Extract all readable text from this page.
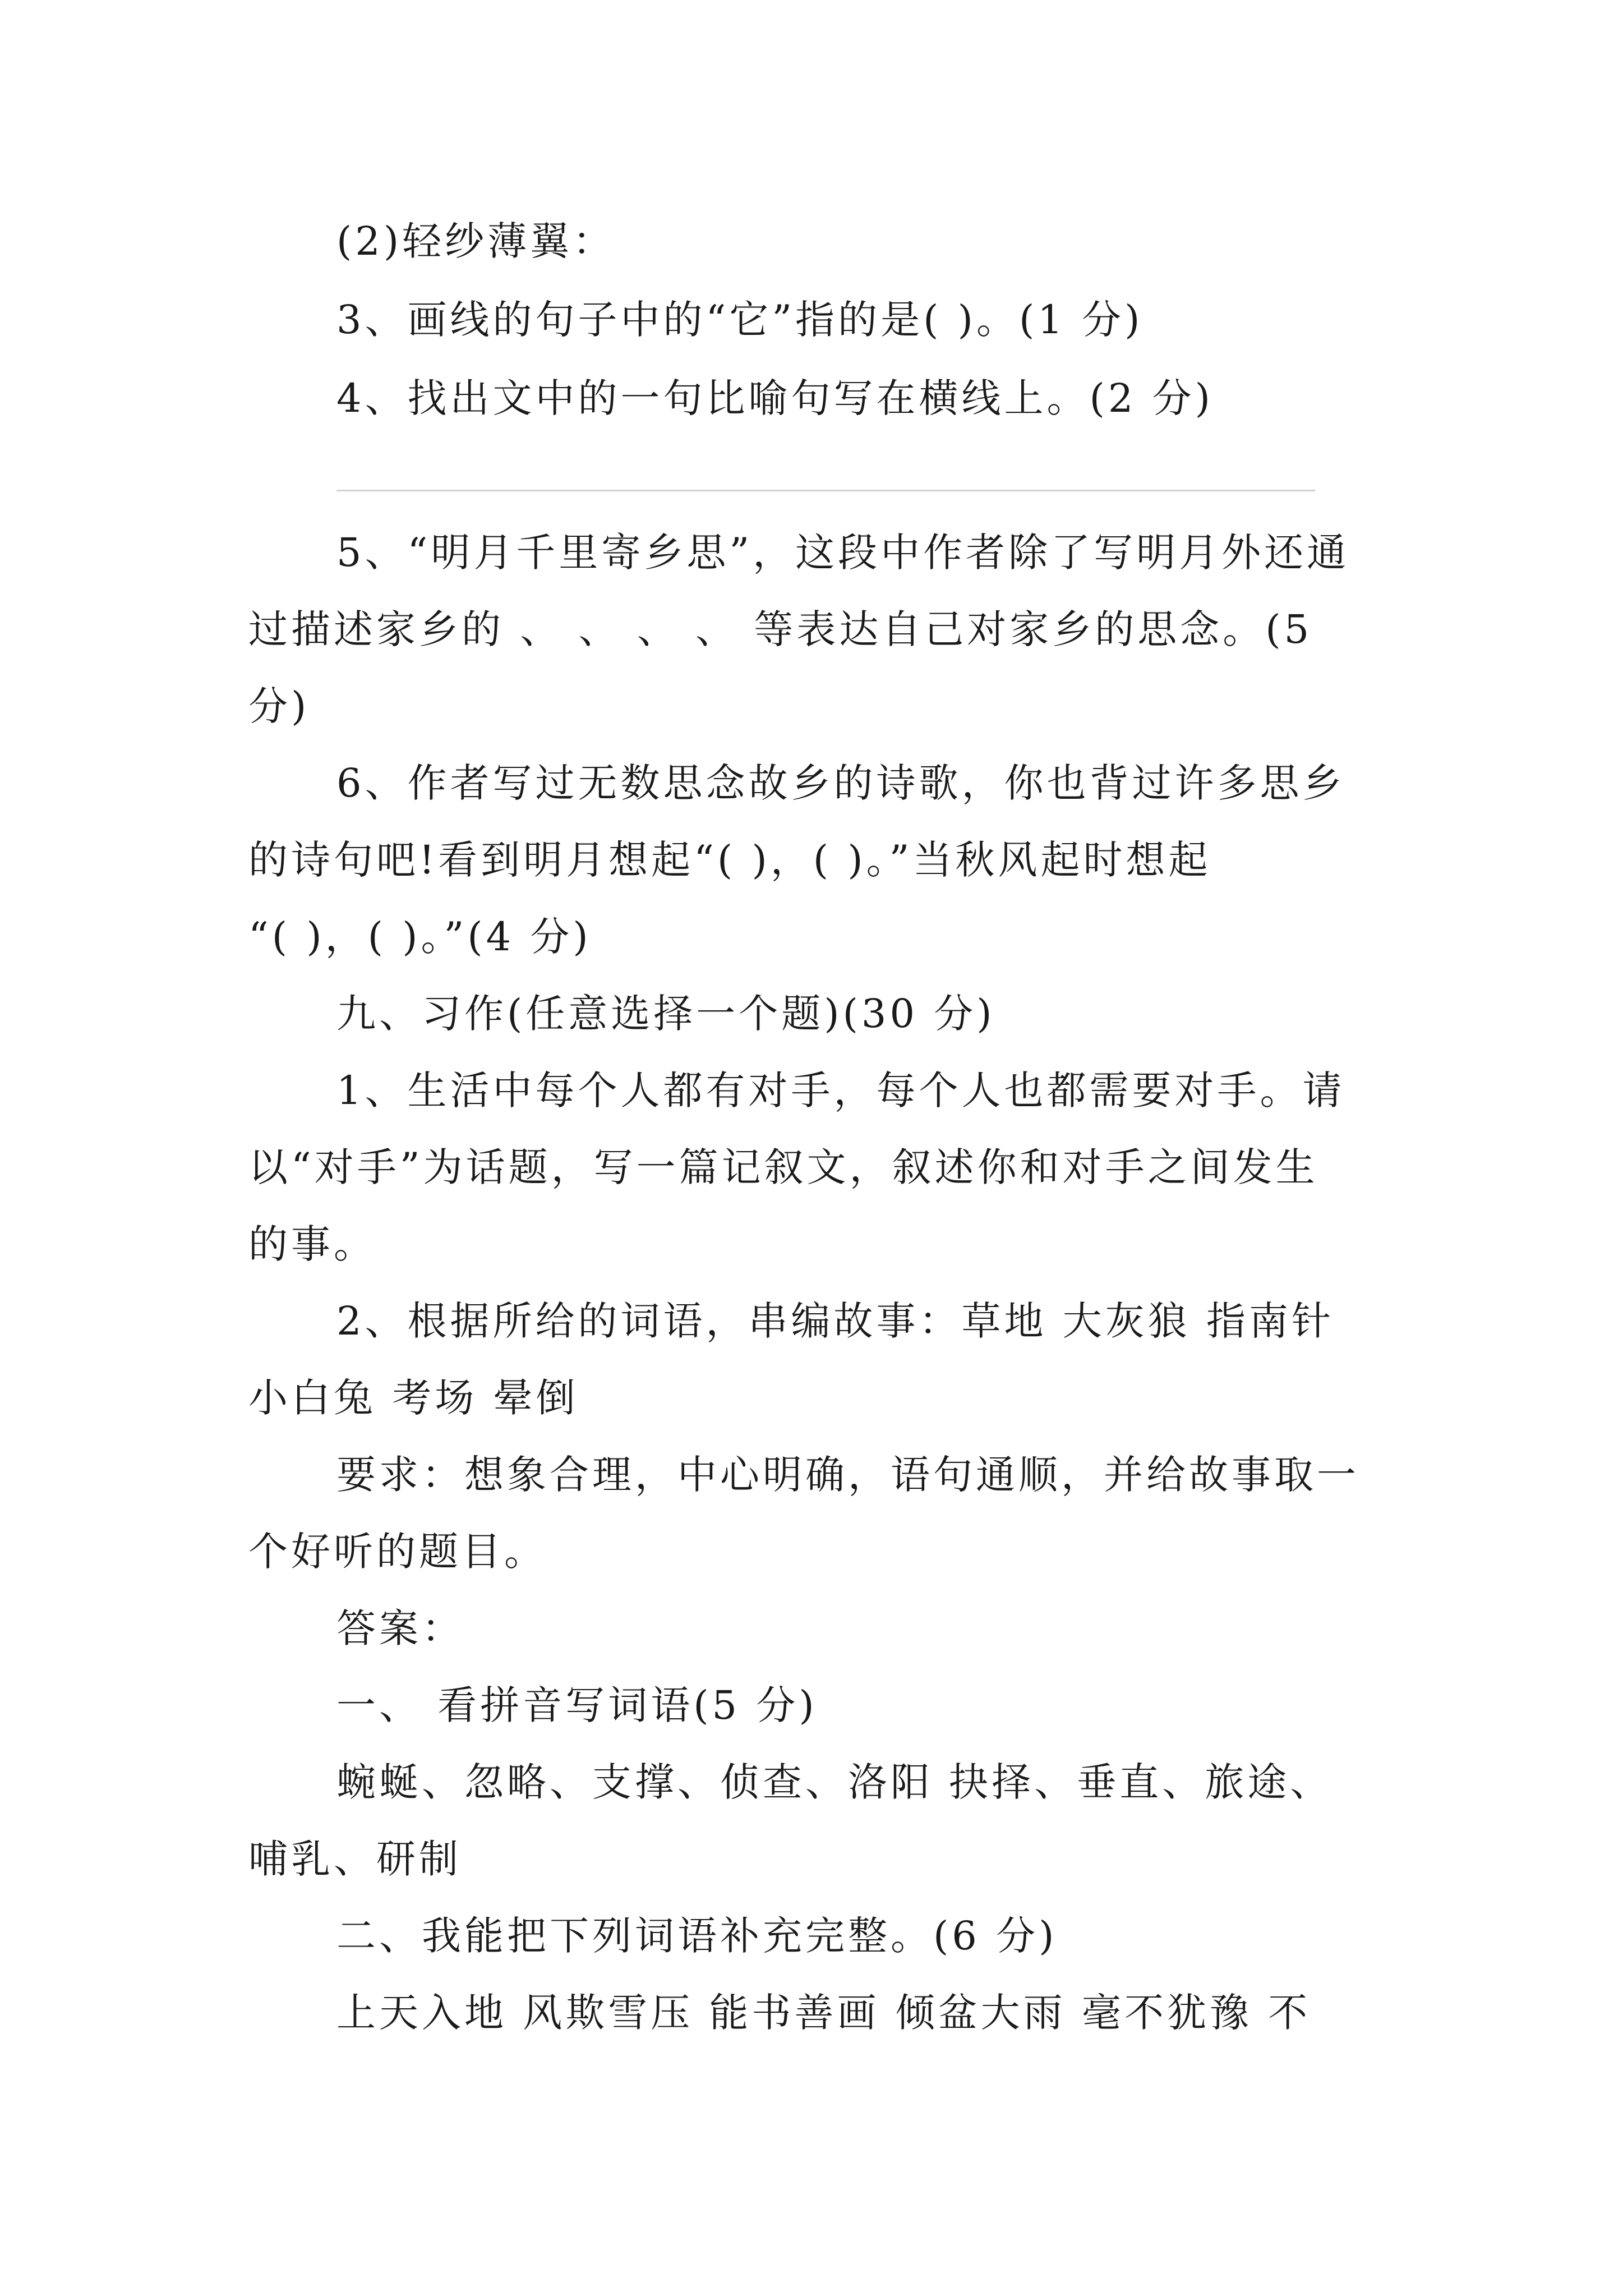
(2)轻纱薄翼：
3、画线的句子中的“它”指的是( )。(1 分)
4、找出文中的一句比喻句写在横线上。(2 分)
5、“明月千里寄乡思”，这段中作者除了写明月外还通
过描述家乡的 、 、 、 、 等表达自己对家乡的思念。(5
分)
6、作者写过无数思念故乡的诗歌，你也背过许多思乡
的诗句吧!看到明月想起“( )，( )。”当秋风起时想起
“( )，( )。”(4 分)
九、习作(任意选择一个题)(30 分)
1、生活中每个人都有对手，每个人也都需要对手。请
以“对手”为话题，写一篇记叙文，叙述你和对手之间发生
的事。
2、根据所给的词语，串编故事：草地 大灰狼 指南针
小白兔 考场 晕倒
要求：想象合理，中心明确，语句通顺，并给故事取一
个好听的题目。
答案：
一、 看拼音写词语(5 分)
蜿蜒、忽略、支撑、侦查、洛阳 抉择、垂直、旅途、
哺乳、研制
二、我能把下列词语补充完整。(6 分)
上天入地 风欺雪压 能书善画 倾盆大雨 毫不犹豫 不
